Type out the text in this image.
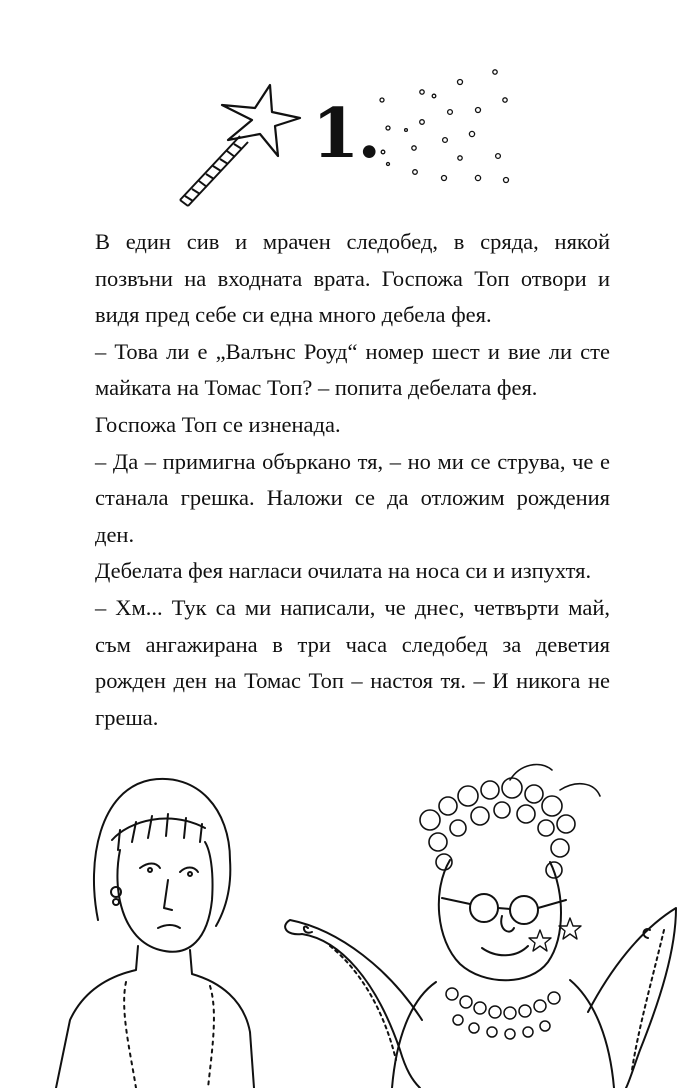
1.

В един сив и мрачен следобед, в сряда, някой позвъни на входната врата. Госпожа Топ отвори и видя пред себе си една много дебела фея.

– Това ли е „Валънс Роуд“ номер шест и вие ли сте майката на Томас Топ? – попита дебелата фея.

Госпожа Топ се изненада.

– Да – примигна объркано тя, – но ми се струва, че е станала грешка. Наложи се да отложим рождения ден.

Дебелата фея нагласи очилата на носа си и изпухтя.

– Хм... Тук са ми написали, че днес, четвърти май, съм ангажирана в три часа следобед за деветия рожден ден на Томас Топ – настоя тя. – И никога не греша.
